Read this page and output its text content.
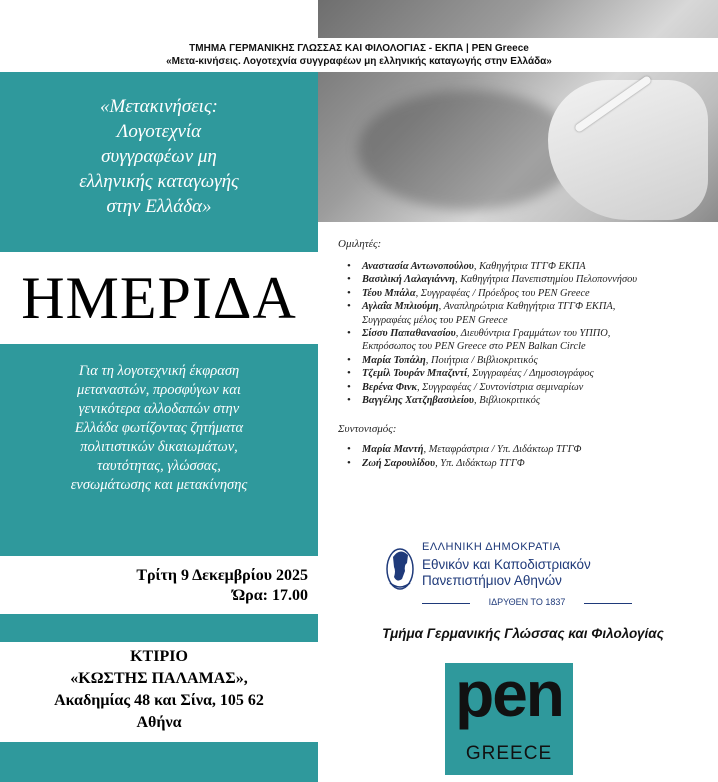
ΤΜΗΜΑ ΓΕΡΜΑΝΙΚΗΣ ΓΛΩΣΣΑΣ ΚΑΙ ΦΙΛΟΛΟΓΙΑΣ - ΕΚΠΑ | PEN Greece
«Μετα-κινήσεις. Λογοτεχνία συγγραφέων μη ελληνικής καταγωγής στην Ελλάδα»
«Μετακινήσεις:
Λογοτεχνία
συγγραφέων μη
ελληνικής καταγωγής
στην Ελλάδα»
ΗΜΕΡΙΔΑ
Για τη λογοτεχνική έκφραση
μεταναστών, προσφύγων και
γενικότερα αλλοδαπών στην
Ελλάδα φωτίζοντας ζητήματα
πολιτιστικών δικαιωμάτων,
ταυτότητας, γλώσσας,
ενσωμάτωσης και μετακίνησης
Τρίτη 9 Δεκεμβρίου 2025
Ώρα: 17.00
ΚΤΙΡΙΟ
«ΚΩΣΤΗΣ ΠΑΛΑΜΑΣ»,
Ακαδημίας 48 και Σίνα, 105 62
Αθήνα
Ομιλητές:
• Αναστασία Αντωνοπούλου, Καθηγήτρια ΤΓΓΦ ΕΚΠΑ
• Βασιλική Λαλαγιάννη, Καθηγήτρια Πανεπιστημίου Πελοποννήσου
• Τέου Μπάλα, Συγγραφέας / Πρόεδρος του PEN Greece
• Αγλαΐα Μπλιούμη, Αναπληρώτρια Καθηγήτρια ΤΓΓΦ ΕΚΠΑ,
Συγγραφέας μέλος του PEN Greece
• Σίσσυ Παπαθανασίου, Διευθύντρια Γραμμάτων του ΥΠΠΟ,
Εκπρόσωπος του PEN Greece στο PEN Balkan Circle
• Μαρία Τοπάλη, Ποιήτρια / Βιβλιοκριτικός
• Τζεμίλ Τουράν Μπαζιντί, Συγγραφέας / Δημοσιογράφος
• Βερένα Φινκ, Συγγραφέας / Συντονίστρια σεμιναρίων
• Βαγγέλης Χατζηβασιλείου, Βιβλιοκριτικός
Συντονισμός:
• Μαρία Μαντή, Μεταφράστρια / Υπ. Διδάκτωρ ΤΓΓΦ
• Ζωή Σαρουλίδου, Υπ. Διδάκτωρ ΤΓΓΦ
ΕΛΛΗΝΙΚΗ ΔΗΜΟΚΡΑΤΙΑ
Εθνικόν και Καποδιστριακόν
Πανεπιστήμιον Αθηνών
ΙΔΡΥΘΕΝ ΤΟ 1837
Τμήμα Γερμανικής Γλώσσας και Φιλολογίας
pen
GREECE
